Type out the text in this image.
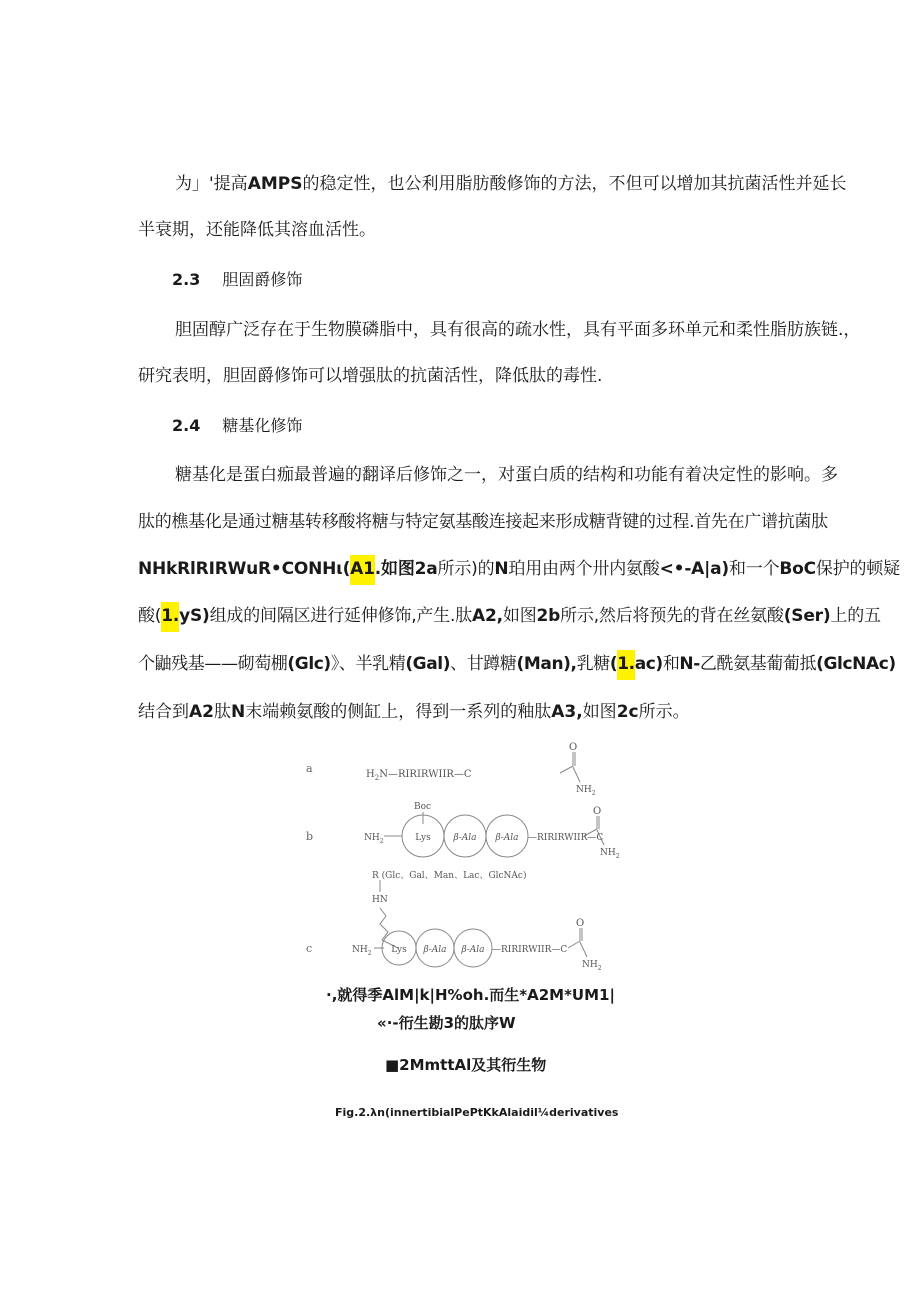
为」'提高AMPS的稳定性，也公利用脂肪酸修饰的方法，不但可以增加其抗菌活性并延长
半衰期，还能降低其溶血活性。
2.3 胆固爵修饰
胆固醇广泛存在于生物膜磷脂中，具有很高的疏水性，具有平面多环单元和柔性脂肪族链.，
研究表明，胆固爵修饰可以增强肽的抗菌活性，降低肽的毒性.
2.4 糖基化修饰
糖基化是蛋白痂最普遍的翻译后修饰之一，对蛋白质的结构和功能有着决定性的影响。多
肽的樵基化是通过糖基转移酸将糖与特定氨基酸连接起来形成糖背键的过程.首先在广谱抗菌肽
NHkRlRIRWuR•CONHι(A1.如图2a所示)的N珀用由两个卅内氨酸<•-A|a)和一个BoC保护的顿疑
酸(1.yS)组成的间隔区进行延伸修饰,产生.肽A2,如图2b所示,然后将预先的背在丝氨酸(Ser)上的五
个鼬残基——砌萄棚(Glc)》、半乳精(Gal)、甘蹲糖(Man),乳糖(1.ac)和N-乙酰氨基葡葡抵(GlcNAc)
结合到A2肽N末端赖氨酸的侧缸上，得到一系列的釉肽A3,如图2c所示。
a	$H_2N—RIRIRWIIR—C$
O
$NH_2$
b
Boc
$NH_2$	Lys	β-Ala β-Ala —RIRIRWIIR—C
O
$NH_2$
R (Glc、Gal、Man、Lac、GlcNAc)
HN
c	$NH_2$ Lys β-Ala β-Ala —RIRIRWIIR—C
O
$NH_2$
·,就得季AlM|k|H%oh.而生*A2M*UM1|
«·-衎生勘3的肽序W
■2MmttAl及其衎生物
Fig.2.λn(innertibialPePtKkAlaidil¼derivatives
